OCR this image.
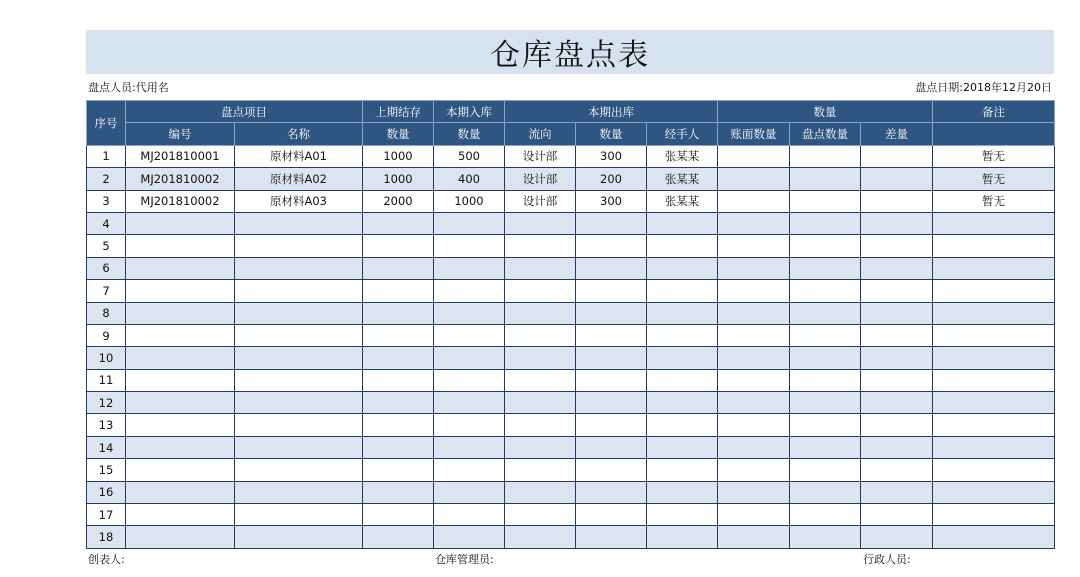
仓库盘点表
盘点人员:代用名	盘点日期:2018年12月20日
序号	盘点项目		上期结存	本期入库	本期出库			数量			备注
	编号	名称	数量	数量	流向	数量	经手人	账面数量	盘点数量	差量	
1	MJ201810001	原材料A01	1000	500	设计部	300	张某某				暂无
2	MJ201810002	原材料A02	1000	400	设计部	200	张某某				暂无
3	MJ201810002	原材料A03	2000	1000	设计部	300	张某某				暂无
4											
5											
6											
7											
8											
9											
10											
11											
12											
13											
14											
15											
16											
17											
18											
创表人:	仓库管理员:	行政人员:
